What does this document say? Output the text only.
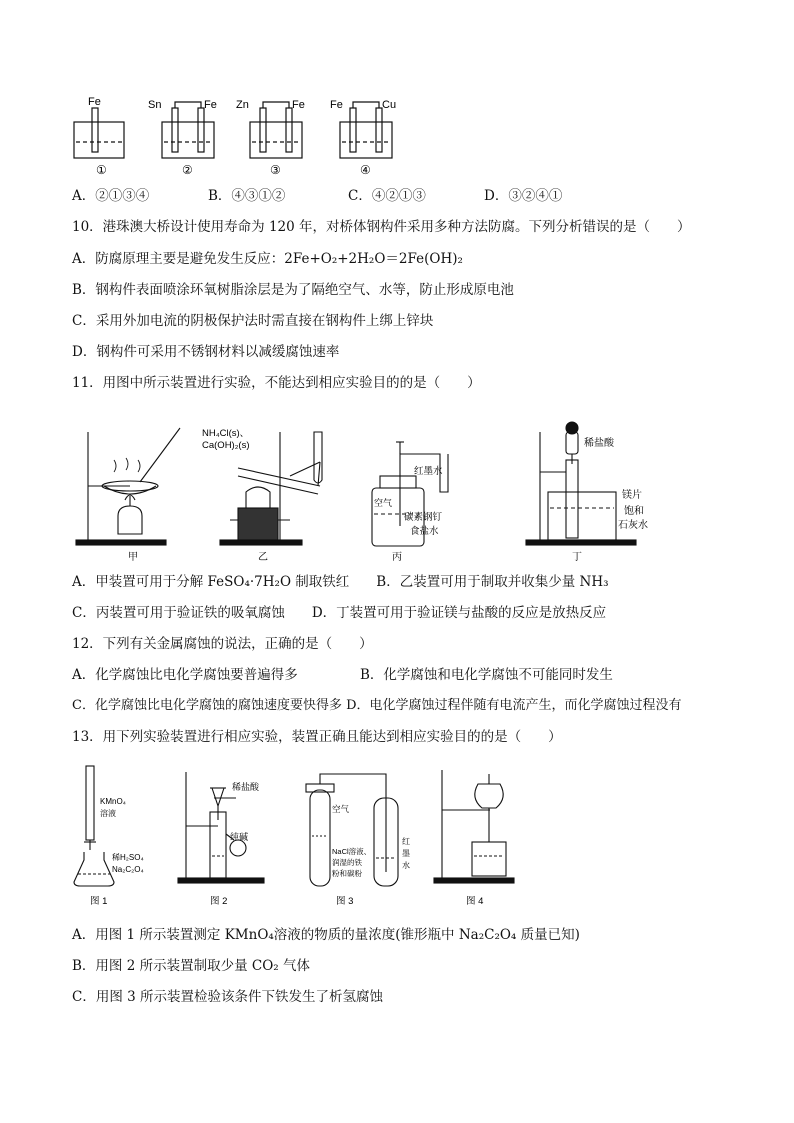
Fe
①
Sn	Fe
②
Zn	Fe
③
Fe	Cu
④
A．②①③④	B．④③①②	C．④②①③	D．③②④①
10．港珠澳大桥设计使用寿命为 120 年，对桥体钢构件采用多种方法防腐。下列分析错误的是（　　）
A．防腐原理主要是避免发生反应：2Fe+O₂+2H₂O＝2Fe(OH)₂
B．钢构件表面喷涂环氧树脂涂层是为了隔绝空气、水等，防止形成原电池
C．采用外加电流的阴极保护法时需直接在钢构件上绑上锌块
D．钢构件可采用不锈钢材料以减缓腐蚀速率
11．用图中所示装置进行实验，不能达到相应实验目的的是（　　）
甲
NH₄Cl(s)、
Ca(OH)₂(s)
乙
红墨水
空气
碳素钢钉
食盐水
丙
稀盐酸
镁片
饱和
石灰水
丁
A．甲装置可用于分解 FeSO₄·7H₂O 制取铁红　　B．乙装置可用于制取并收集少量 NH₃
C．丙装置可用于验证铁的吸氧腐蚀　　D．丁装置可用于验证镁与盐酸的反应是放热反应
12．下列有关金属腐蚀的说法，正确的是（　　）
A．化学腐蚀比电化学腐蚀要普遍得多	B．化学腐蚀和电化学腐蚀不可能同时发生
C．化学腐蚀比电化学腐蚀的腐蚀速度要快得多 D．电化学腐蚀过程伴随有电流产生，而化学腐蚀过程没有
13．用下列实验装置进行相应实验，装置正确且能达到相应实验目的的是（　　）
KMnO₄
溶液
稀H₂SO₄
Na₂C₂O₄
图 1
稀盐酸
纯碱
图 2
空气
NaCl溶液、
润湿的铁
粉和碳粉
红
墨
水
图 3	图 4
A．用图 1 所示装置测定 KMnO₄溶液的物质的量浓度(锥形瓶中 Na₂C₂O₄ 质量已知)
B．用图 2 所示装置制取少量 CO₂ 气体
C．用图 3 所示装置检验该条件下铁发生了析氢腐蚀
